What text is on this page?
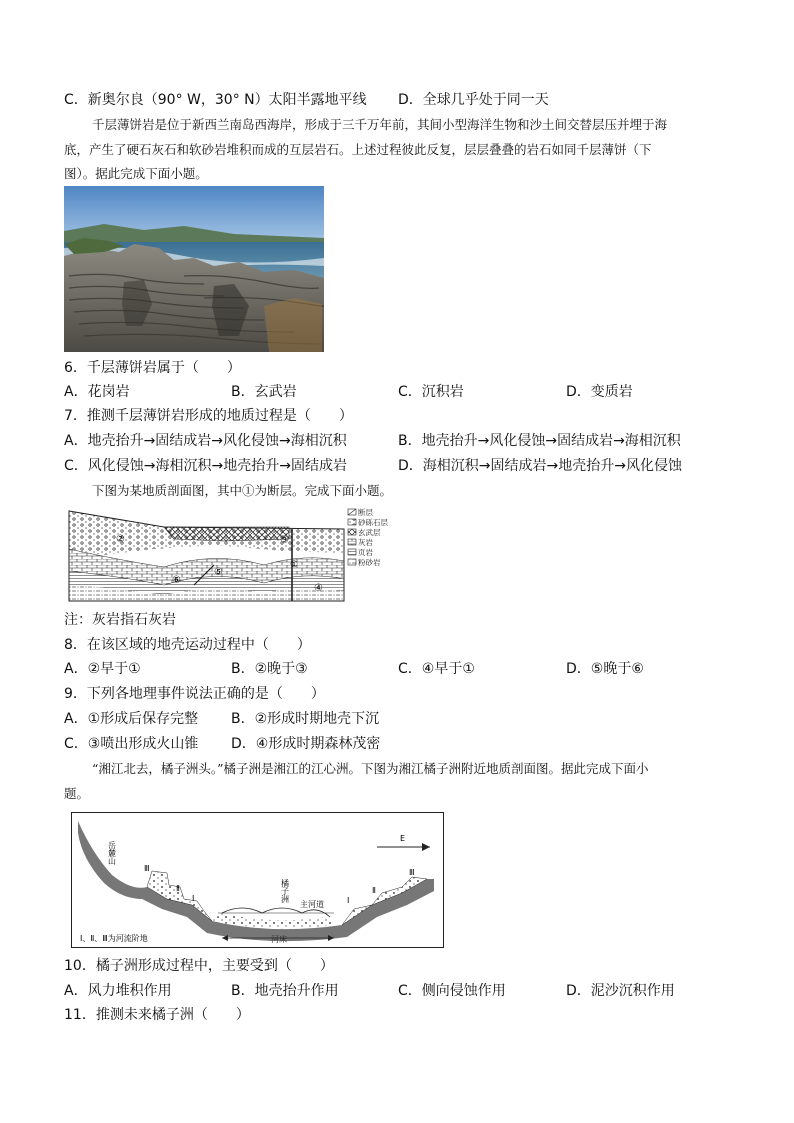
C．新奥尔良（90° W，30° N）太阳半露地平线 D．全球几乎处于同一天
千层薄饼岩是位于新西兰南岛西海岸，形成于三千万年前，其间小型海洋生物和沙土间交替层压并埋于海
底，产生了硬石灰石和软砂岩堆积而成的互层岩石。上述过程彼此反复，层层叠叠的岩石如同千层薄饼（下
图）。据此完成下面小题。
6．千层薄饼岩属于（　　）
A．花岗岩	B．玄武岩	C．沉积岩	D．变质岩
7．推测千层薄饼岩形成的地质过程是（　　）
A．地壳抬升→固结成岩→风化侵蚀→海相沉积	B．地壳抬升→风化侵蚀→固结成岩→海相沉积
C．风化侵蚀→海相沉积→地壳抬升→固结成岩	D．海相沉积→固结成岩→地壳抬升→风化侵蚀
下图为某地质剖面图，其中①为断层。完成下面小题。
②	③
⑥
⑤
④
①
断层
砂砾石层
玄武层
灰岩
页岩
粉砂岩
注：灰岩指石灰岩
8．在该区域的地壳运动过程中（　　）
A．②早于①	B．②晚于③	C．④早于①	D．⑤晚于⑥
9．下列各地理事件说法正确的是（　　）
A．①形成后保存完整 B．②形成时期地壳下沉
C．③喷出形成火山锥 D．④形成时期森林茂密
“湘江北去，橘子洲头。”橘子洲是湘江的江心洲。下图为湘江橘子洲附近地质剖面图。据此完成下面小
题。
Ⅲ
Ⅱ
Ⅰ	Ⅰ
Ⅱ
Ⅲ
岳麓山
橘子洲
主河道
河床
E
Ⅰ、Ⅱ、Ⅲ为河流阶地
10．橘子洲形成过程中，主要受到（　　）
A．风力堆积作用	B．地壳抬升作用	C．侧向侵蚀作用	D．泥沙沉积作用
11．推测未来橘子洲（　　）
